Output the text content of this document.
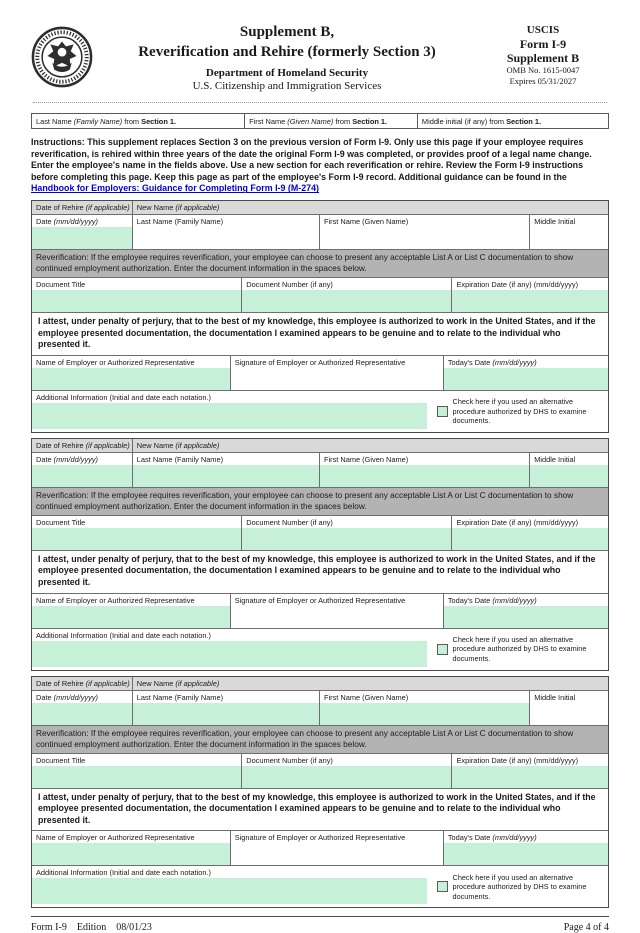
Supplement B,
Reverification and Rehire (formerly Section 3)
Department of Homeland Security
U.S. Citizenship and Immigration Services
USCIS
Form I-9
Supplement B
OMB No. 1615-0047
Expires 05/31/2027
Last Name (Family Name) from Section 1.	First Name (Given Name) from Section 1.	Middle initial (if any) from Section 1.
Instructions: This supplement replaces Section 3 on the previous version of Form I-9. Only use this page if your employee requires reverification, is rehired within three years of the date the original Form I-9 was completed, or provides proof of a legal name change. Enter the employee's name in the fields above. Use a new section for each reverification or rehire. Review the Form I-9 instructions before completing this page. Keep this page as part of the employee's Form I-9 record. Additional guidance can be found in the Handbook for Employers: Guidance for Completing Form I-9 (M-274)
Date of Rehire (if applicable) New Name (if applicable)
Date (mm/dd/yyyy)	Last Name (Family Name)	First Name (Given Name)	Middle Initial
Reverification: If the employee requires reverification, your employee can choose to present any acceptable List A or List C documentation to show continued employment authorization. Enter the document information in the spaces below.
Document Title	Document Number (if any)	Expiration Date (if any) (mm/dd/yyyy)
I attest, under penalty of perjury, that to the best of my knowledge, this employee is authorized to work in the United States, and if the employee presented documentation, the documentation I examined appears to be genuine and to relate to the individual who presented it.
Name of Employer or Authorized Representative	Signature of Employer or Authorized Representative	Today's Date (mm/dd/yyyy)
Additional Information (Initial and date each notation.)	Check here if you used an alternative procedure authorized by DHS to examine documents.
Date of Rehire (if applicable) New Name (if applicable)
Date (mm/dd/yyyy)	Last Name (Family Name)	First Name (Given Name)	Middle Initial
Reverification: If the employee requires reverification, your employee can choose to present any acceptable List A or List C documentation to show continued employment authorization. Enter the document information in the spaces below.
Document Title	Document Number (if any)	Expiration Date (if any) (mm/dd/yyyy)
I attest, under penalty of perjury, that to the best of my knowledge, this employee is authorized to work in the United States, and if the employee presented documentation, the documentation I examined appears to be genuine and to relate to the individual who presented it.
Name of Employer or Authorized Representative	Signature of Employer or Authorized Representative	Today's Date (mm/dd/yyyy)
Additional Information (Initial and date each notation.)	Check here if you used an alternative procedure authorized by DHS to examine documents.
Date of Rehire (if applicable) New Name (if applicable)
Date (mm/dd/yyyy)	Last Name (Family Name)	First Name (Given Name)	Middle Initial
Reverification: If the employee requires reverification, your employee can choose to present any acceptable List A or List C documentation to show continued employment authorization. Enter the document information in the spaces below.
Document Title	Document Number (if any)	Expiration Date (if any) (mm/dd/yyyy)
I attest, under penalty of perjury, that to the best of my knowledge, this employee is authorized to work in the United States, and if the employee presented documentation, the documentation I examined appears to be genuine and to relate to the individual who presented it.
Name of Employer or Authorized Representative	Signature of Employer or Authorized Representative	Today's Date (mm/dd/yyyy)
Additional Information (Initial and date each notation.)	Check here if you used an alternative procedure authorized by DHS to examine documents.
Form I-9 Edition 08/01/23	Page 4 of 4
